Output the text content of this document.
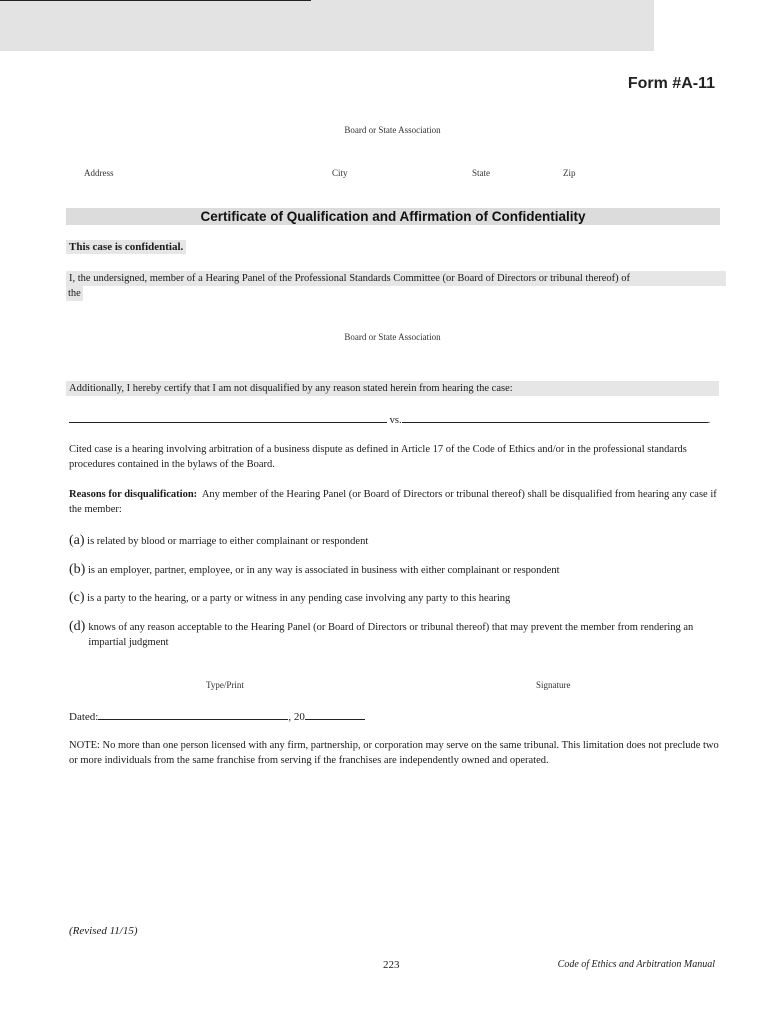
Form #A-11
Board or State Association
Address	City	State	Zip
Certificate of Qualification and Affirmation of Confidentiality
This case is confidential.
I, the undersigned, member of a Hearing Panel of the Professional Standards Committee (or Board of Directors or tribunal thereof) of
the
Board or State Association
Additionally, I hereby certify that I am not disqualified by any reason stated herein from hearing the case:
vs.	.
Cited case is a hearing involving arbitration of a business dispute as defined in Article 17 of the Code of Ethics and/or in the professional standards procedures contained in the bylaws of the Board.
Reasons for disqualification: Any member of the Hearing Panel (or Board of Directors or tribunal thereof) shall be disqualified from hearing any case if the member:
(a) is related by blood or marriage to either complainant or respondent
(b) is an employer, partner, employee, or in any way is associated in business with either complainant or respondent
(c) is a party to the hearing, or a party or witness in any pending case involving any party to this hearing
(d) knows of any reason acceptable to the Hearing Panel (or Board of Directors or tribunal thereof) that may prevent the member from rendering an impartial judgment
Type/Print	Signature
Dated:	, 20
NOTE: No more than one person licensed with any firm, partnership, or corporation may serve on the same tribunal. This limitation does not preclude two or more individuals from the same franchise from serving if the franchises are independently owned and operated.
(Revised 11/15)
223	Code of Ethics and Arbitration Manual
